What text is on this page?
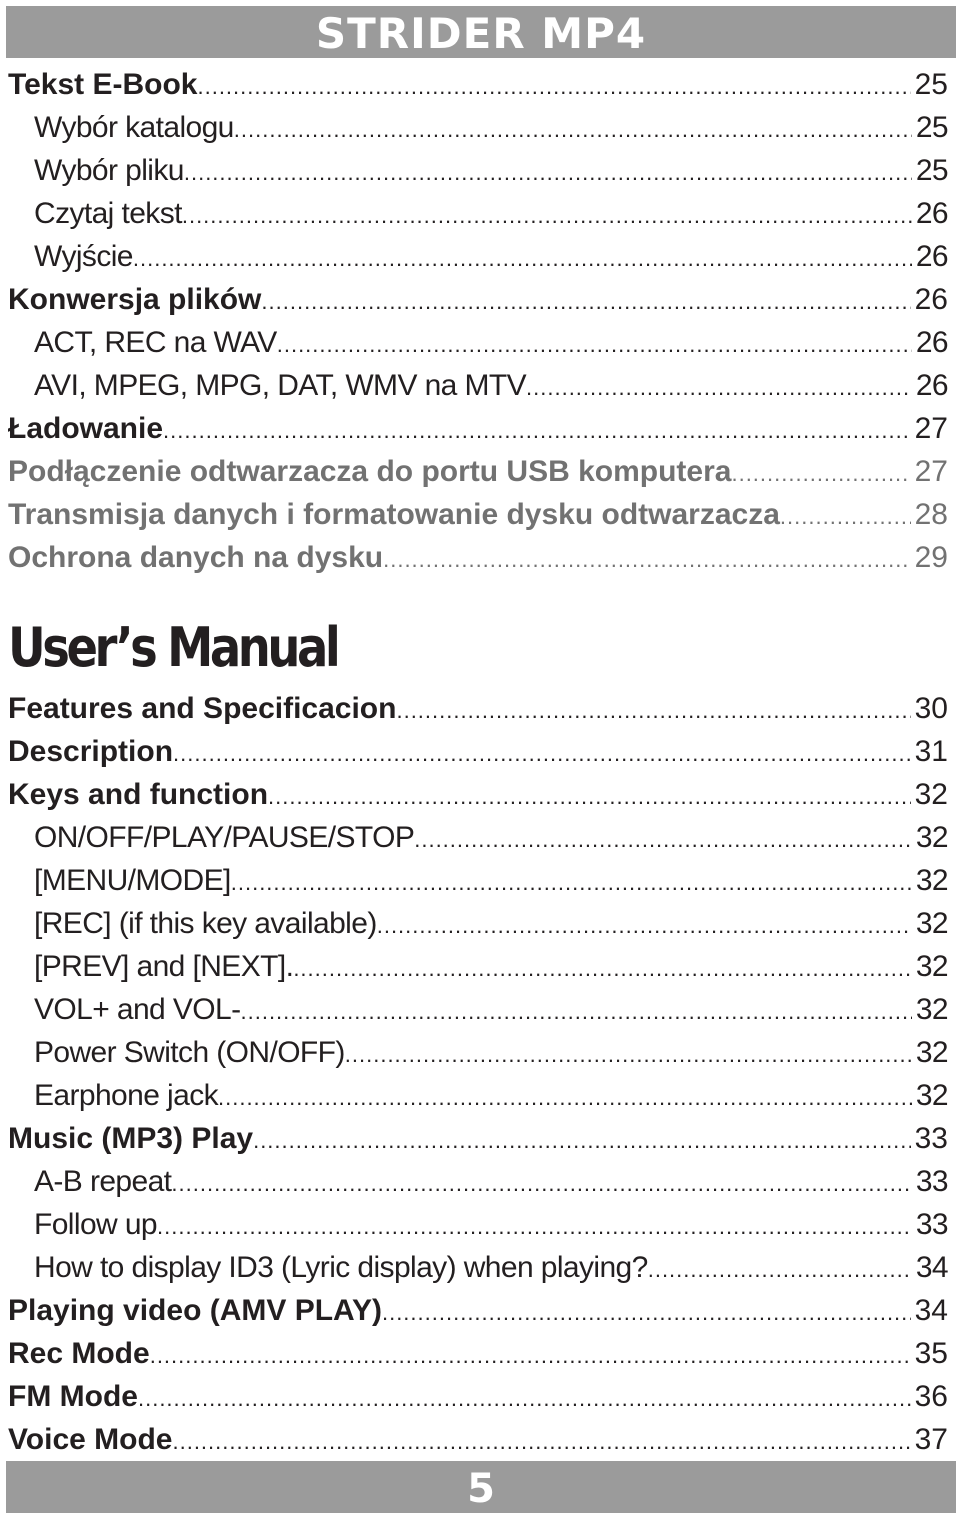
STRIDER MP4
Tekst E-Book .....	25
Wybór katalogu .....	25
Wybór pliku .....	25
Czytaj tekst .....	26
Wyjście .....	26
Konwersja plików .....	26
ACT, REC na WAV .....	26
AVI, MPEG, MPG, DAT, WMV na MTV .....	26
Ładowanie .....	27
Podłączenie odtwarzacza do portu USB komputera .....	27
Transmisja danych i formatowanie dysku odtwarzacza .....	28
Ochrona danych na dysku .....	29
User’s Manual
Features and Specificacion .....	30
Description .....	31
Keys and function .....	32
ON/OFF/PLAY/PAUSE/STOP .....	32
[MENU/MODE] .....	32
[REC] (if this key available) .....	32
[PREV] and [NEXT]. .....	32
VOL+ and VOL- .....	32
Power Switch (ON/OFF) .....	32
Earphone jack .....	32
Music (MP3) Play .....	33
A-B repeat .....	33
Follow up .....	33
How to display ID3 (Lyric display) when playing? .....	34
Playing video (AMV PLAY) .....	34
Rec Mode .....	35
FM Mode .....	36
Voice Mode .....	37
5
